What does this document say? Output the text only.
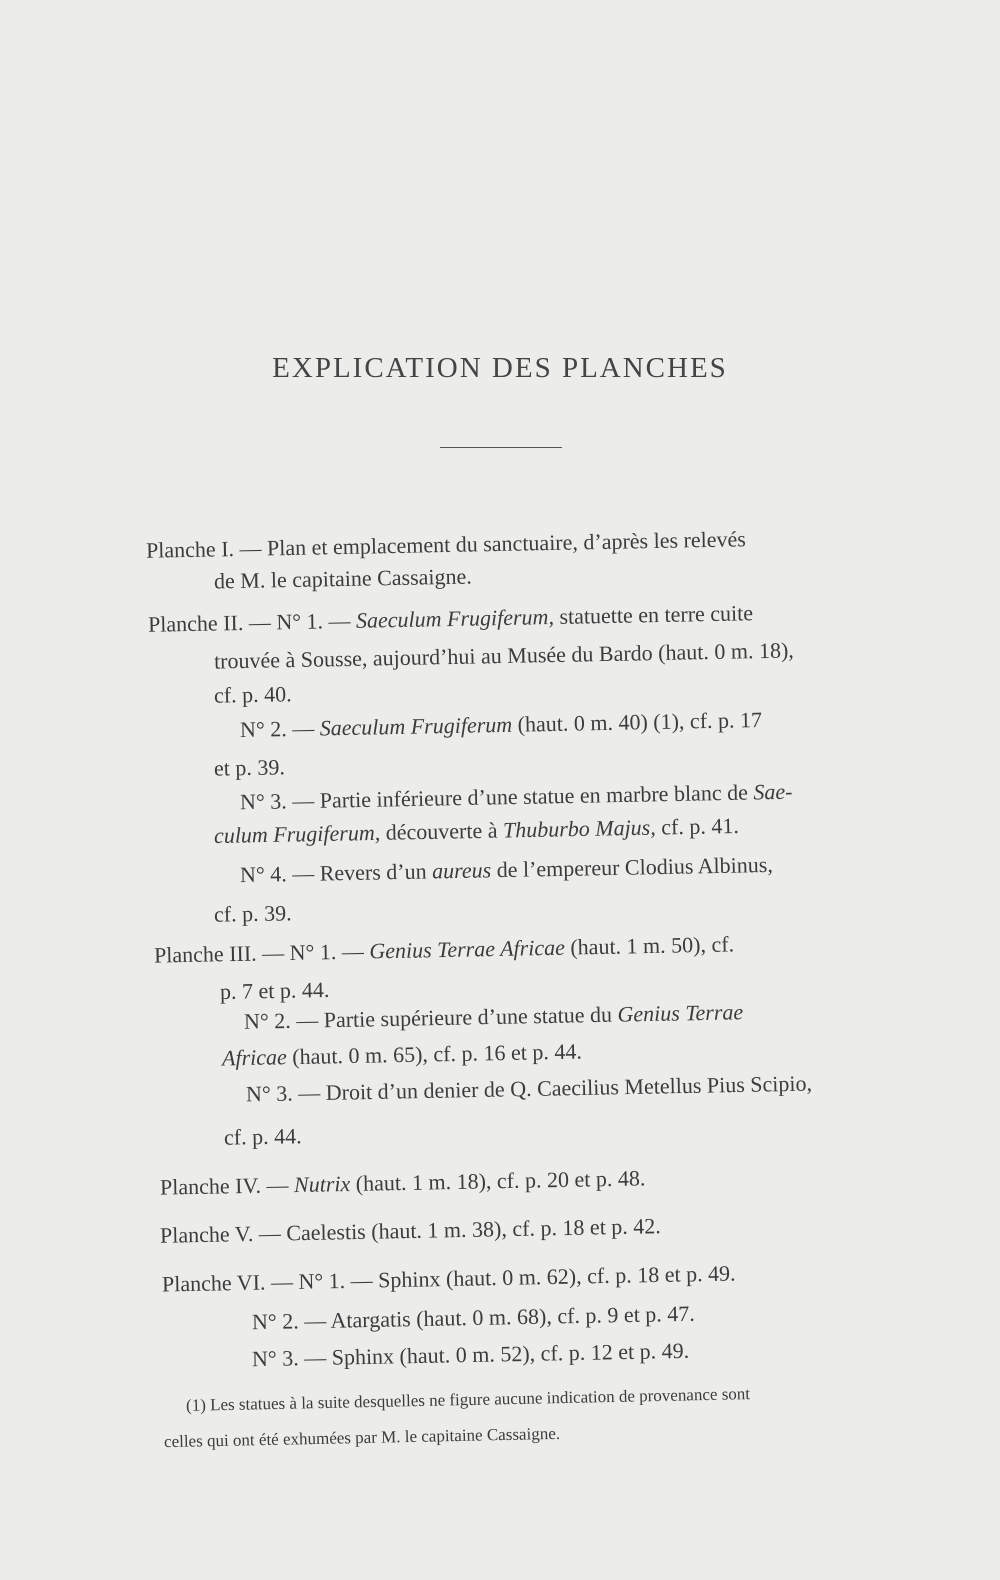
EXPLICATION DES PLANCHES
Planche I. — Plan et emplacement du sanctuaire, d’après les relevés
de M. le capitaine Cassaigne.
Planche II. — N° 1. — Saeculum Frugiferum, statuette en terre cuite
trouvée à Sousse, aujourd’hui au Musée du Bardo (haut. 0 m. 18),
cf. p. 40.
N° 2. — Saeculum Frugiferum (haut. 0 m. 40) (1), cf. p. 17
et p. 39.
N° 3. — Partie inférieure d’une statue en marbre blanc de Sae-
culum Frugiferum, découverte à Thuburbo Majus, cf. p. 41.
N° 4. — Revers d’un aureus de l’empereur Clodius Albinus,
cf. p. 39.
Planche III. — N° 1. — Genius Terrae Africae (haut. 1 m. 50), cf.
p. 7 et p. 44.
N° 2. — Partie supérieure d’une statue du Genius Terrae
Africae (haut. 0 m. 65), cf. p. 16 et p. 44.
N° 3. — Droit d’un denier de Q. Caecilius Metellus Pius Scipio,
cf. p. 44.
Planche IV. — Nutrix (haut. 1 m. 18), cf. p. 20 et p. 48.
Planche V. — Caelestis (haut. 1 m. 38), cf. p. 18 et p. 42.
Planche VI. — N° 1. — Sphinx (haut. 0 m. 62), cf. p. 18 et p. 49.
N° 2. — Atargatis (haut. 0 m. 68), cf. p. 9 et p. 47.
N° 3. — Sphinx (haut. 0 m. 52), cf. p. 12 et p. 49.
(1) Les statues à la suite desquelles ne figure aucune indication de provenance sont
celles qui ont été exhumées par M. le capitaine Cassaigne.
